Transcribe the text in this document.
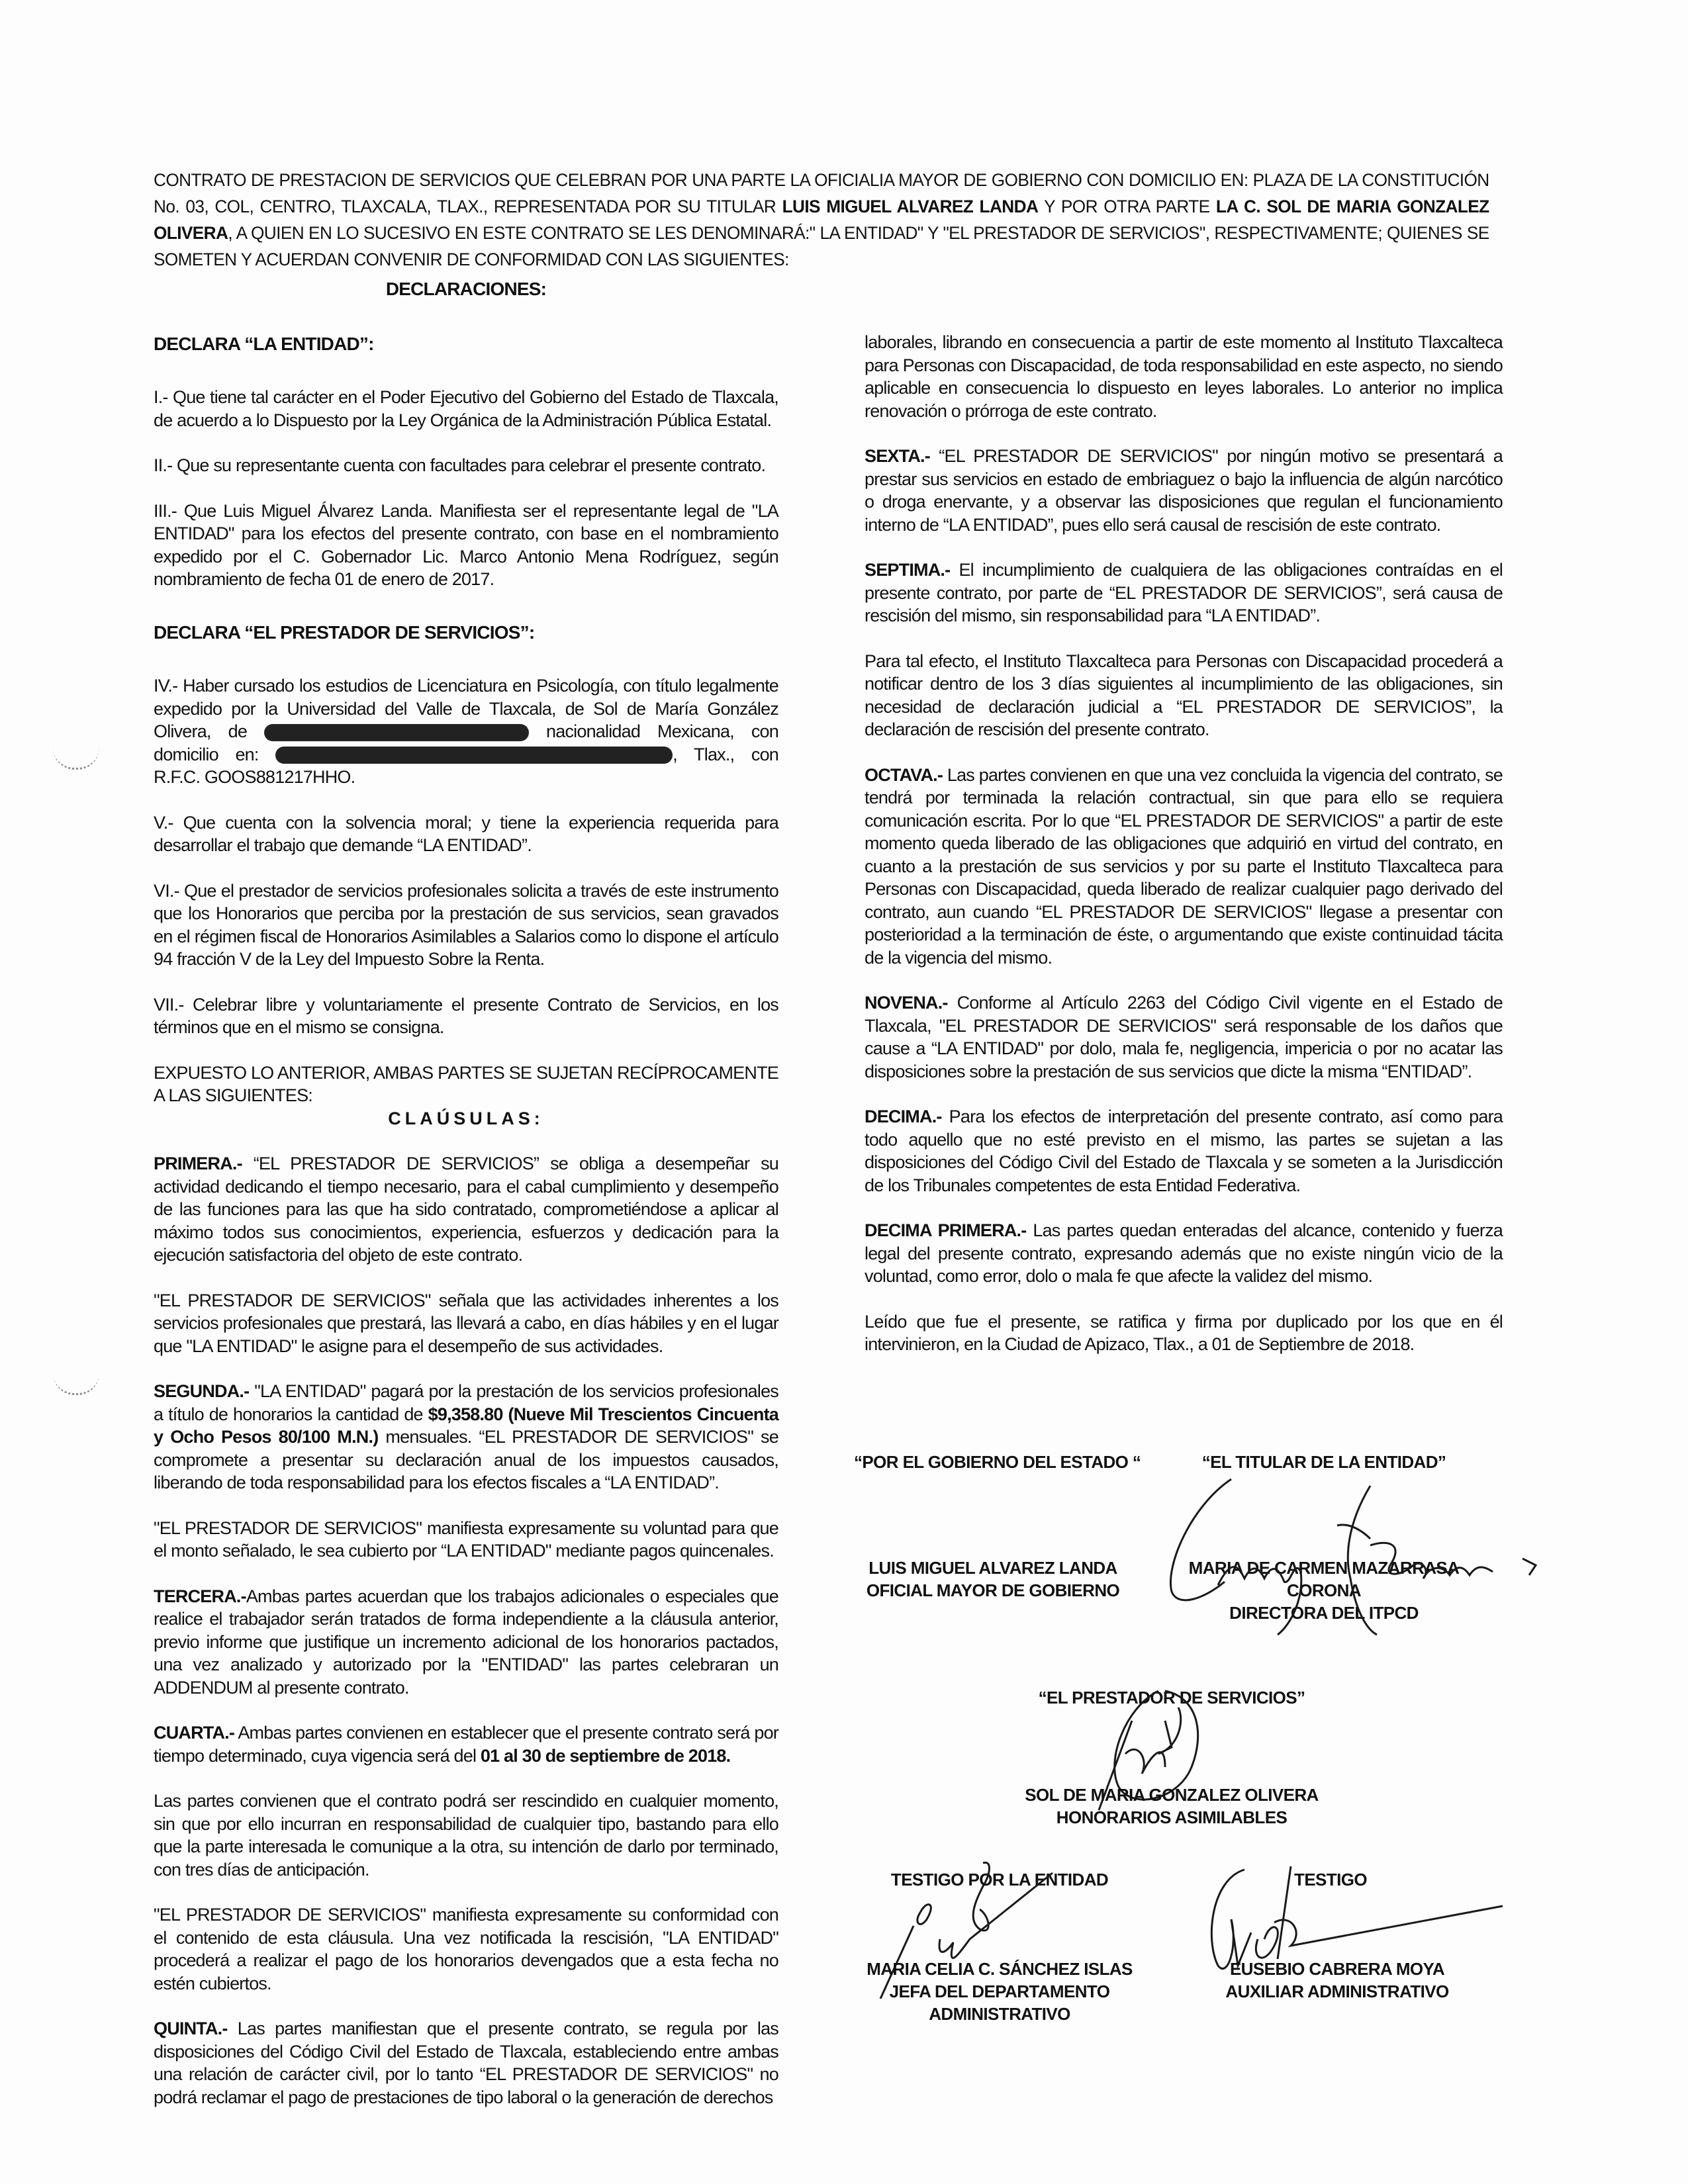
CONTRATO DE PRESTACION DE SERVICIOS QUE CELEBRAN POR UNA PARTE LA OFICIALIA MAYOR DE GOBIERNO CON DOMICILIO EN: PLAZA DE LA CONSTITUCIÓN No. 03, COL, CENTRO, TLAXCALA, TLAX., REPRESENTADA POR SU TITULAR LUIS MIGUEL ALVAREZ LANDA Y POR OTRA PARTE LA C. SOL DE MARIA GONZALEZ OLIVERA, A QUIEN EN LO SUCESIVO EN ESTE CONTRATO SE LES DENOMINARÁ:" LA ENTIDAD" Y "EL PRESTADOR DE SERVICIOS", RESPECTIVAMENTE; QUIENES SE SOMETEN Y ACUERDAN CONVENIR DE CONFORMIDAD CON LAS SIGUIENTES:
DECLARACIONES:
DECLARA “LA ENTIDAD”:

I.- Que tiene tal carácter en el Poder Ejecutivo del Gobierno del Estado de Tlaxcala, de acuerdo a lo Dispuesto por la Ley Orgánica de la Administración Pública Estatal.

II.- Que su representante cuenta con facultades para celebrar el presente contrato.

III.- Que Luis Miguel Álvarez Landa. Manifiesta ser el representante legal de "LA ENTIDAD" para los efectos del presente contrato, con base en el nombramiento expedido por el C. Gobernador Lic. Marco Antonio Mena Rodríguez, según nombramiento de fecha 01 de enero de 2017.

DECLARA “EL PRESTADOR DE SERVICIOS”:

IV.- Haber cursado los estudios de Licenciatura en Psicología, con título legalmente expedido por la Universidad del Valle de Tlaxcala, de Sol de María González Olivera, de	nacionalidad Mexicana, con domicilio en:	, Tlax., con R.F.C. GOOS881217HHO.

V.- Que cuenta con la solvencia moral; y tiene la experiencia requerida para desarrollar el trabajo que demande “LA ENTIDAD”.

VI.- Que el prestador de servicios profesionales solicita a través de este instrumento que los Honorarios que perciba por la prestación de sus servicios, sean gravados en el régimen fiscal de Honorarios Asimilables a Salarios como lo dispone el artículo 94 fracción V de la Ley del Impuesto Sobre la Renta.

VII.- Celebrar libre y voluntariamente el presente Contrato de Servicios, en los términos que en el mismo se consigna.

EXPUESTO LO ANTERIOR, AMBAS PARTES SE SUJETAN RECÍPROCAMENTE A LAS SIGUIENTES:

CLAÚSULAS:

PRIMERA.- “EL PRESTADOR DE SERVICIOS” se obliga a desempeñar su actividad dedicando el tiempo necesario, para el cabal cumplimiento y desempeño de las funciones para las que ha sido contratado, comprometiéndose a aplicar al máximo todos sus conocimientos, experiencia, esfuerzos y dedicación para la ejecución satisfactoria del objeto de este contrato.

"EL PRESTADOR DE SERVICIOS" señala que las actividades inherentes a los servicios profesionales que prestará, las llevará a cabo, en días hábiles y en el lugar que "LA ENTIDAD" le asigne para el desempeño de sus actividades.

SEGUNDA.- "LA ENTIDAD" pagará por la prestación de los servicios profesionales a título de honorarios la cantidad de $9,358.80 (Nueve Mil Trescientos Cincuenta y Ocho Pesos 80/100 M.N.) mensuales. “EL PRESTADOR DE SERVICIOS" se compromete a presentar su declaración anual de los impuestos causados, liberando de toda responsabilidad para los efectos fiscales a “LA ENTIDAD”.

"EL PRESTADOR DE SERVICIOS" manifiesta expresamente su voluntad para que el monto señalado, le sea cubierto por “LA ENTIDAD" mediante pagos quincenales.

TERCERA.-Ambas partes acuerdan que los trabajos adicionales o especiales que realice el trabajador serán tratados de forma independiente a la cláusula anterior, previo informe que justifique un incremento adicional de los honorarios pactados, una vez analizado y autorizado por la "ENTIDAD" las partes celebraran un ADDENDUM al presente contrato.

CUARTA.- Ambas partes convienen en establecer que el presente contrato será por tiempo determinado, cuya vigencia será del 01 al 30 de septiembre de 2018.

Las partes convienen que el contrato podrá ser rescindido en cualquier momento, sin que por ello incurran en responsabilidad de cualquier tipo, bastando para ello que la parte interesada le comunique a la otra, su intención de darlo por terminado, con tres días de anticipación.

"EL PRESTADOR DE SERVICIOS" manifiesta expresamente su conformidad con el contenido de esta cláusula. Una vez notificada la rescisión, "LA ENTIDAD" procederá a realizar el pago de los honorarios devengados que a esta fecha no estén cubiertos.

QUINTA.- Las partes manifiestan que el presente contrato, se regula por las disposiciones del Código Civil del Estado de Tlaxcala, estableciendo entre ambas una relación de carácter civil, por lo tanto “EL PRESTADOR DE SERVICIOS" no podrá reclamar el pago de prestaciones de tipo laboral o la generación de derechos

laborales, librando en consecuencia a partir de este momento al Instituto Tlaxcalteca para Personas con Discapacidad, de toda responsabilidad en este aspecto, no siendo aplicable en consecuencia lo dispuesto en leyes laborales. Lo anterior no implica renovación o prórroga de este contrato.

SEXTA.- “EL PRESTADOR DE SERVICIOS" por ningún motivo se presentará a prestar sus servicios en estado de embriaguez o bajo la influencia de algún narcótico o droga enervante, y a observar las disposiciones que regulan el funcionamiento interno de “LA ENTIDAD”, pues ello será causal de rescisión de este contrato.

SEPTIMA.- El incumplimiento de cualquiera de las obligaciones contraídas en el presente contrato, por parte de “EL PRESTADOR DE SERVICIOS”, será causa de rescisión del mismo, sin responsabilidad para “LA ENTIDAD”.

Para tal efecto, el Instituto Tlaxcalteca para Personas con Discapacidad procederá a notificar dentro de los 3 días siguientes al incumplimiento de las obligaciones, sin necesidad de declaración judicial a “EL PRESTADOR DE SERVICIOS”, la declaración de rescisión del presente contrato.

OCTAVA.- Las partes convienen en que una vez concluida la vigencia del contrato, se tendrá por terminada la relación contractual, sin que para ello se requiera comunicación escrita. Por lo que “EL PRESTADOR DE SERVICIOS" a partir de este momento queda liberado de las obligaciones que adquirió en virtud del contrato, en cuanto a la prestación de sus servicios y por su parte el Instituto Tlaxcalteca para Personas con Discapacidad, queda liberado de realizar cualquier pago derivado del contrato, aun cuando “EL PRESTADOR DE SERVICIOS" llegase a presentar con posterioridad a la terminación de éste, o argumentando que existe continuidad tácita de la vigencia del mismo.

NOVENA.- Conforme al Artículo 2263 del Código Civil vigente en el Estado de Tlaxcala, "EL PRESTADOR DE SERVICIOS" será responsable de los daños que cause a “LA ENTIDAD" por dolo, mala fe, negligencia, impericia o por no acatar las disposiciones sobre la prestación de sus servicios que dicte la misma “ENTIDAD”.

DECIMA.- Para los efectos de interpretación del presente contrato, así como para todo aquello que no esté previsto en el mismo, las partes se sujetan a las disposiciones del Código Civil del Estado de Tlaxcala y se someten a la Jurisdicción de los Tribunales competentes de esta Entidad Federativa.

DECIMA PRIMERA.- Las partes quedan enteradas del alcance, contenido y fuerza legal del presente contrato, expresando además que no existe ningún vicio de la voluntad, como error, dolo o mala fe que afecte la validez del mismo.

Leído que fue el presente, se ratifica y firma por duplicado por los que en él intervinieron, en la Ciudad de Apizaco, Tlax., a 01 de Septiembre de 2018.

“POR EL GOBIERNO DEL ESTADO “
LUIS MIGUEL ALVAREZ LANDA
OFICIAL MAYOR DE GOBIERNO
“EL TITULAR DE LA ENTIDAD”
MARIA DE CARMEN MAZARRASA
CORONA
DIRECTORA DEL ITPCD
“EL PRESTADOR DE SERVICIOS”
SOL DE MARIA GONZALEZ OLIVERA
HONORARIOS ASIMILABLES
TESTIGO POR LA ENTIDAD
MARIA CELIA C. SÁNCHEZ ISLAS
JEFA DEL DEPARTAMENTO
ADMINISTRATIVO
TESTIGO
EUSEBIO CABRERA MOYA
AUXILIAR ADMINISTRATIVO
